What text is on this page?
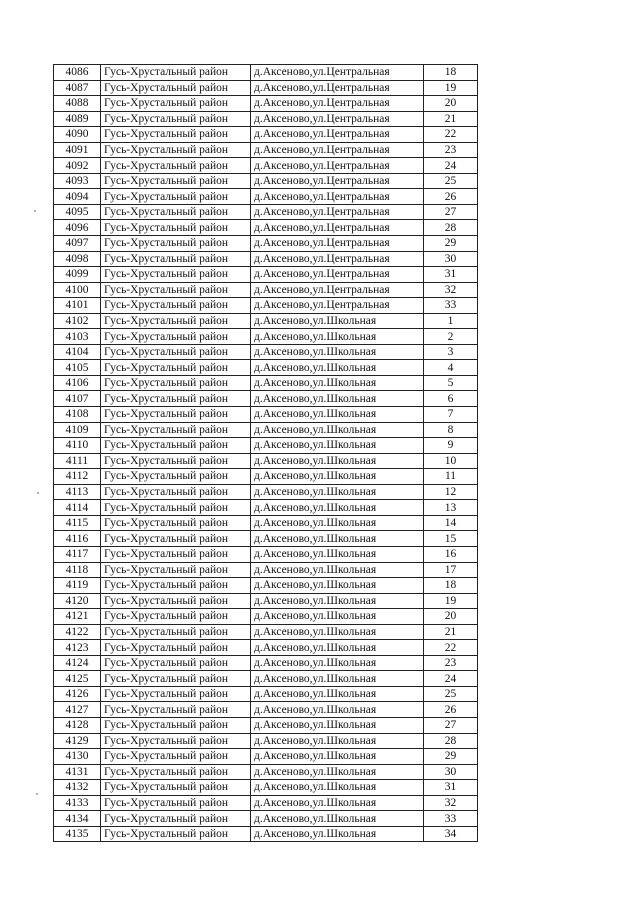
4086	Гусь-Хрустальный район	д.Аксеново,ул.Центральная	18
4087	Гусь-Хрустальный район	д.Аксеново,ул.Центральная	19
4088	Гусь-Хрустальный район	д.Аксеново,ул.Центральная	20
4089	Гусь-Хрустальный район	д.Аксеново,ул.Центральная	21
4090	Гусь-Хрустальный район	д.Аксеново,ул.Центральная	22
4091	Гусь-Хрустальный район	д.Аксеново,ул.Центральная	23
4092	Гусь-Хрустальный район	д.Аксеново,ул.Центральная	24
4093	Гусь-Хрустальный район	д.Аксеново,ул.Центральная	25
4094	Гусь-Хрустальный район	д.Аксеново,ул.Центральная	26
4095	Гусь-Хрустальный район	д.Аксеново,ул.Центральная	27
4096	Гусь-Хрустальный район	д.Аксеново,ул.Центральная	28
4097	Гусь-Хрустальный район	д.Аксеново,ул.Центральная	29
4098	Гусь-Хрустальный район	д.Аксеново,ул.Центральная	30
4099	Гусь-Хрустальный район	д.Аксеново,ул.Центральная	31
4100	Гусь-Хрустальный район	д.Аксеново,ул.Центральная	32
4101	Гусь-Хрустальный район	д.Аксеново,ул.Центральная	33
4102	Гусь-Хрустальный район	д.Аксеново,ул.Школьная	1
4103	Гусь-Хрустальный район	д.Аксеново,ул.Школьная	2
4104	Гусь-Хрустальный район	д.Аксеново,ул.Школьная	3
4105	Гусь-Хрустальный район	д.Аксеново,ул.Школьная	4
4106	Гусь-Хрустальный район	д.Аксеново,ул.Школьная	5
4107	Гусь-Хрустальный район	д.Аксеново,ул.Школьная	6
4108	Гусь-Хрустальный район	д.Аксеново,ул.Школьная	7
4109	Гусь-Хрустальный район	д.Аксеново,ул.Школьная	8
4110	Гусь-Хрустальный район	д.Аксеново,ул.Школьная	9
4111	Гусь-Хрустальный район	д.Аксеново,ул.Школьная	10
4112	Гусь-Хрустальный район	д.Аксеново,ул.Школьная	11
4113	Гусь-Хрустальный район	д.Аксеново,ул.Школьная	12
4114	Гусь-Хрустальный район	д.Аксеново,ул.Школьная	13
4115	Гусь-Хрустальный район	д.Аксеново,ул.Школьная	14
4116	Гусь-Хрустальный район	д.Аксеново,ул.Школьная	15
4117	Гусь-Хрустальный район	д.Аксеново,ул.Школьная	16
4118	Гусь-Хрустальный район	д.Аксеново,ул.Школьная	17
4119	Гусь-Хрустальный район	д.Аксеново,ул.Школьная	18
4120	Гусь-Хрустальный район	д.Аксеново,ул.Школьная	19
4121	Гусь-Хрустальный район	д.Аксеново,ул.Школьная	20
4122	Гусь-Хрустальный район	д.Аксеново,ул.Школьная	21
4123	Гусь-Хрустальный район	д.Аксеново,ул.Школьная	22
4124	Гусь-Хрустальный район	д.Аксеново,ул.Школьная	23
4125	Гусь-Хрустальный район	д.Аксеново,ул.Школьная	24
4126	Гусь-Хрустальный район	д.Аксеново,ул.Школьная	25
4127	Гусь-Хрустальный район	д.Аксеново,ул.Школьная	26
4128	Гусь-Хрустальный район	д.Аксеново,ул.Школьная	27
4129	Гусь-Хрустальный район	д.Аксеново,ул.Школьная	28
4130	Гусь-Хрустальный район	д.Аксеново,ул.Школьная	29
4131	Гусь-Хрустальный район	д.Аксеново,ул.Школьная	30
4132	Гусь-Хрустальный район	д.Аксеново,ул.Школьная	31
4133	Гусь-Хрустальный район	д.Аксеново,ул.Школьная	32
4134	Гусь-Хрустальный район	д.Аксеново,ул.Школьная	33
4135	Гусь-Хрустальный район	д.Аксеново,ул.Школьная	34
